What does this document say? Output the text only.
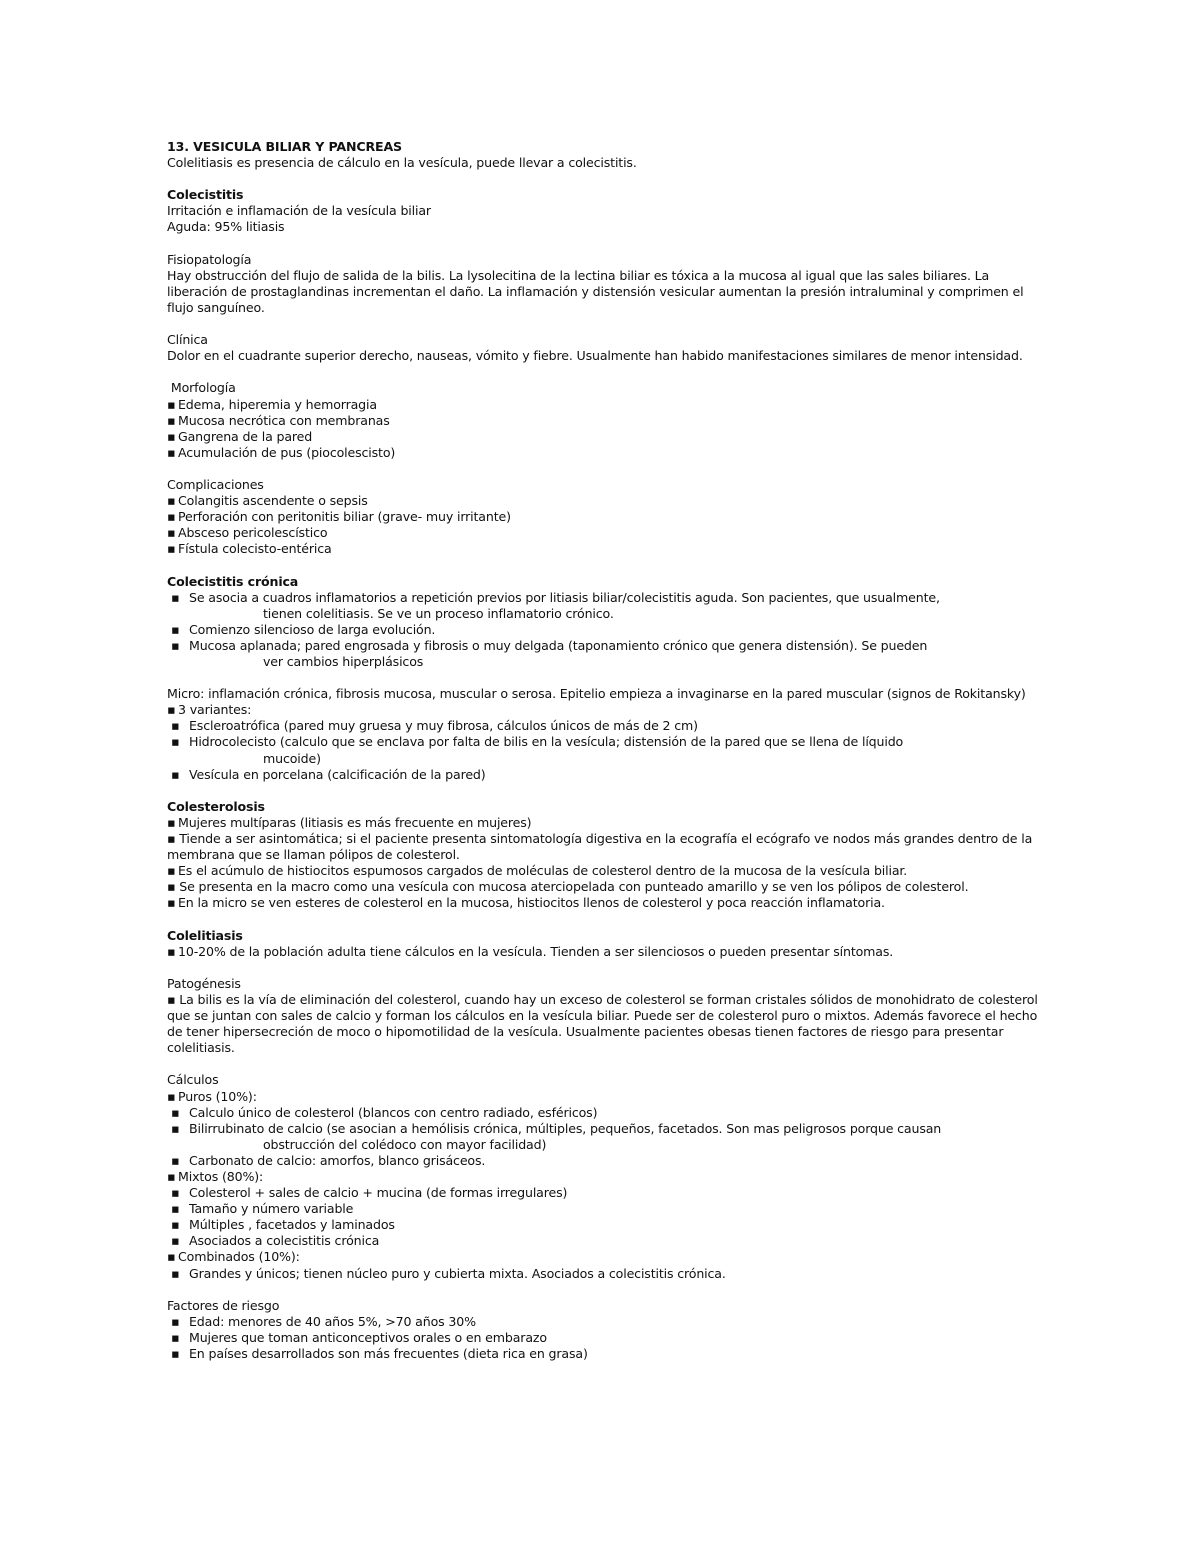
13. VESICULA BILIAR Y PANCREAS

Colelitiasis es presencia de cálculo en la vesícula, puede llevar a colecistitis.

Colecistitis

Irritación e inflamación de la vesícula biliar

Aguda: 95% litiasis

Fisiopatología

Hay obstrucción del flujo de salida de la bilis. La lysolecitina de la lectina biliar es tóxica a la mucosa al igual que las sales biliares. La liberación de prostaglandinas incrementan el daño. La inflamación y distensión vesicular aumentan la presión intraluminal y comprimen el flujo sanguíneo.

Clínica

Dolor en el cuadrante superior derecho, nauseas, vómito y fiebre. Usualmente han habido manifestaciones similares de menor intensidad.

Morfología

▪ Edema, hiperemia y hemorragia

▪ Mucosa necrótica con membranas

▪ Gangrena de la pared

▪ Acumulación de pus (piocolescisto)

Complicaciones

▪ Colangitis ascendente o sepsis

▪ Perforación con peritonitis biliar (grave- muy irritante)

▪ Absceso pericolescístico

▪ Fístula colecisto-entérica

Colecistitis crónica

▪ Se asocia a cuadros inflamatorios a repetición previos por litiasis biliar/colecistitis aguda. Son pacientes, que usualmente,
tienen colelitiasis. Se ve un proceso inflamatorio crónico.
▪ Comienzo silencioso de larga evolución.
▪ Mucosa aplanada; pared engrosada y fibrosis o muy delgada (taponamiento crónico que genera distensión). Se pueden
ver cambios hiperplásicos

Micro: inflamación crónica, fibrosis mucosa, muscular o serosa. Epitelio empieza a invaginarse en la pared muscular (signos de Rokitansky)

▪ 3 variantes:

▪ Escleroatrófica (pared muy gruesa y muy fibrosa, cálculos únicos de más de 2 cm)
▪ Hidrocolecisto (calculo que se enclava por falta de bilis en la vesícula; distensión de la pared que se llena de líquido
mucoide)
▪ Vesícula en porcelana (calcificación de la pared)

Colesterolosis

▪ Mujeres multíparas (litiasis es más frecuente en mujeres)

▪ Tiende a ser asintomática; si el paciente presenta sintomatología digestiva en la ecografía el ecógrafo ve nodos más grandes dentro de la membrana que se llaman pólipos de colesterol.

▪ Es el acúmulo de histiocitos espumosos cargados de moléculas de colesterol dentro de la mucosa de la vesícula biliar.

▪ Se presenta en la macro como una vesícula con mucosa aterciopelada con punteado amarillo y se ven los pólipos de colesterol.

▪ En la micro se ven esteres de colesterol en la mucosa, histiocitos llenos de colesterol y poca reacción inflamatoria.

Colelitiasis

▪ 10-20% de la población adulta tiene cálculos en la vesícula. Tienden a ser silenciosos o pueden presentar síntomas.

Patogénesis

▪ La bilis es la vía de eliminación del colesterol, cuando hay un exceso de colesterol se forman cristales sólidos de monohidrato de colesterol que se juntan con sales de calcio y forman los cálculos en la vesícula biliar. Puede ser de colesterol puro o mixtos. Además favorece el hecho de tener hipersecreción de moco o hipomotilidad de la vesícula. Usualmente pacientes obesas tienen factores de riesgo para presentar colelitiasis.

Cálculos

▪ Puros (10%):

▪ Calculo único de colesterol (blancos con centro radiado, esféricos)
▪ Bilirrubinato de calcio (se asocian a hemólisis crónica, múltiples, pequeños, facetados. Son mas peligrosos porque causan
obstrucción del colédoco con mayor facilidad)
▪ Carbonato de calcio: amorfos, blanco grisáceos.

▪ Mixtos (80%):

▪ Colesterol + sales de calcio + mucina (de formas irregulares)
▪ Tamaño y número variable
▪ Múltiples , facetados y laminados
▪ Asociados a colecistitis crónica

▪ Combinados (10%):

▪ Grandes y únicos; tienen núcleo puro y cubierta mixta. Asociados a colecistitis crónica.

Factores de riesgo

▪ Edad: menores de 40 años 5%, >70 años 30%
▪ Mujeres que toman anticonceptivos orales o en embarazo
▪ En países desarrollados son más frecuentes (dieta rica en grasa)
